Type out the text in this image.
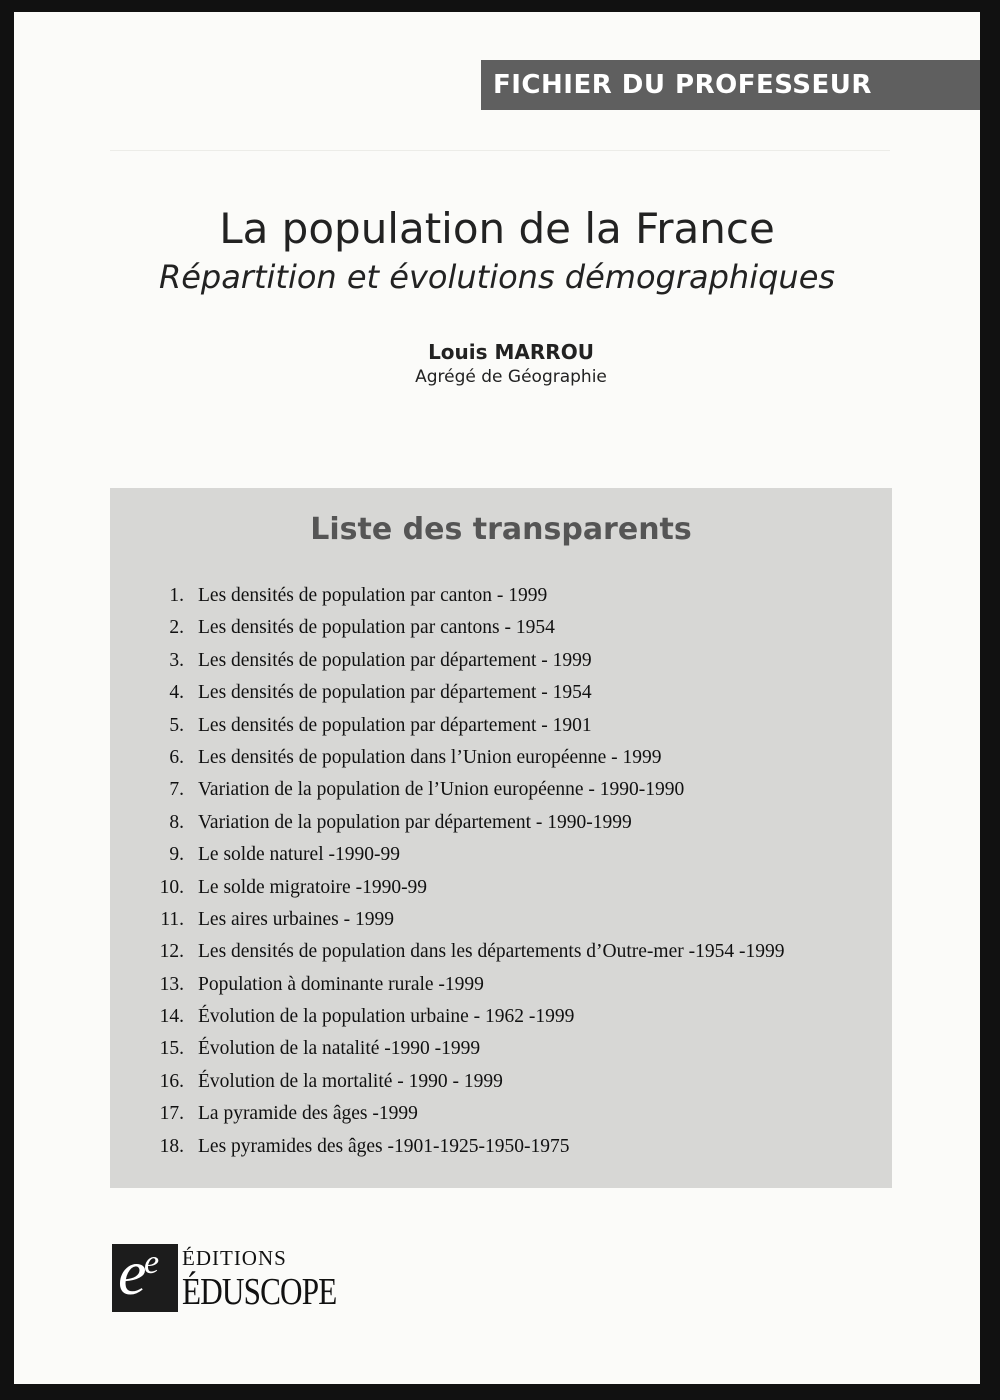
FICHIER DU PROFESSEUR
La population de la France
Répartition et évolutions démographiques
Louis MARROU
Agrégé de Géographie
Liste des transparents
1. Les densités de population par canton - 1999
2. Les densités de population par cantons - 1954
3. Les densités de population par département - 1999
4. Les densités de population par département - 1954
5. Les densités de population par département - 1901
6. Les densités de population dans l’Union européenne - 1999
7. Variation de la population de l’Union européenne - 1990-1990
8. Variation de la population par département - 1990-1999
9. Le solde naturel -1990-99
10. Le solde migratoire -1990-99
11. Les aires urbaines - 1999
12. Les densités de population dans les départements d’Outre-mer -1954 -1999
13. Population à dominante rurale -1999
14. Évolution de la population urbaine - 1962 -1999
15. Évolution de la natalité -1990 -1999
16. Évolution de la mortalité - 1990 - 1999
17. La pyramide des âges -1999
18. Les pyramides des âges -1901-1925-1950-1975
e
e ÉDITIONS
ÉDUSCOPE
